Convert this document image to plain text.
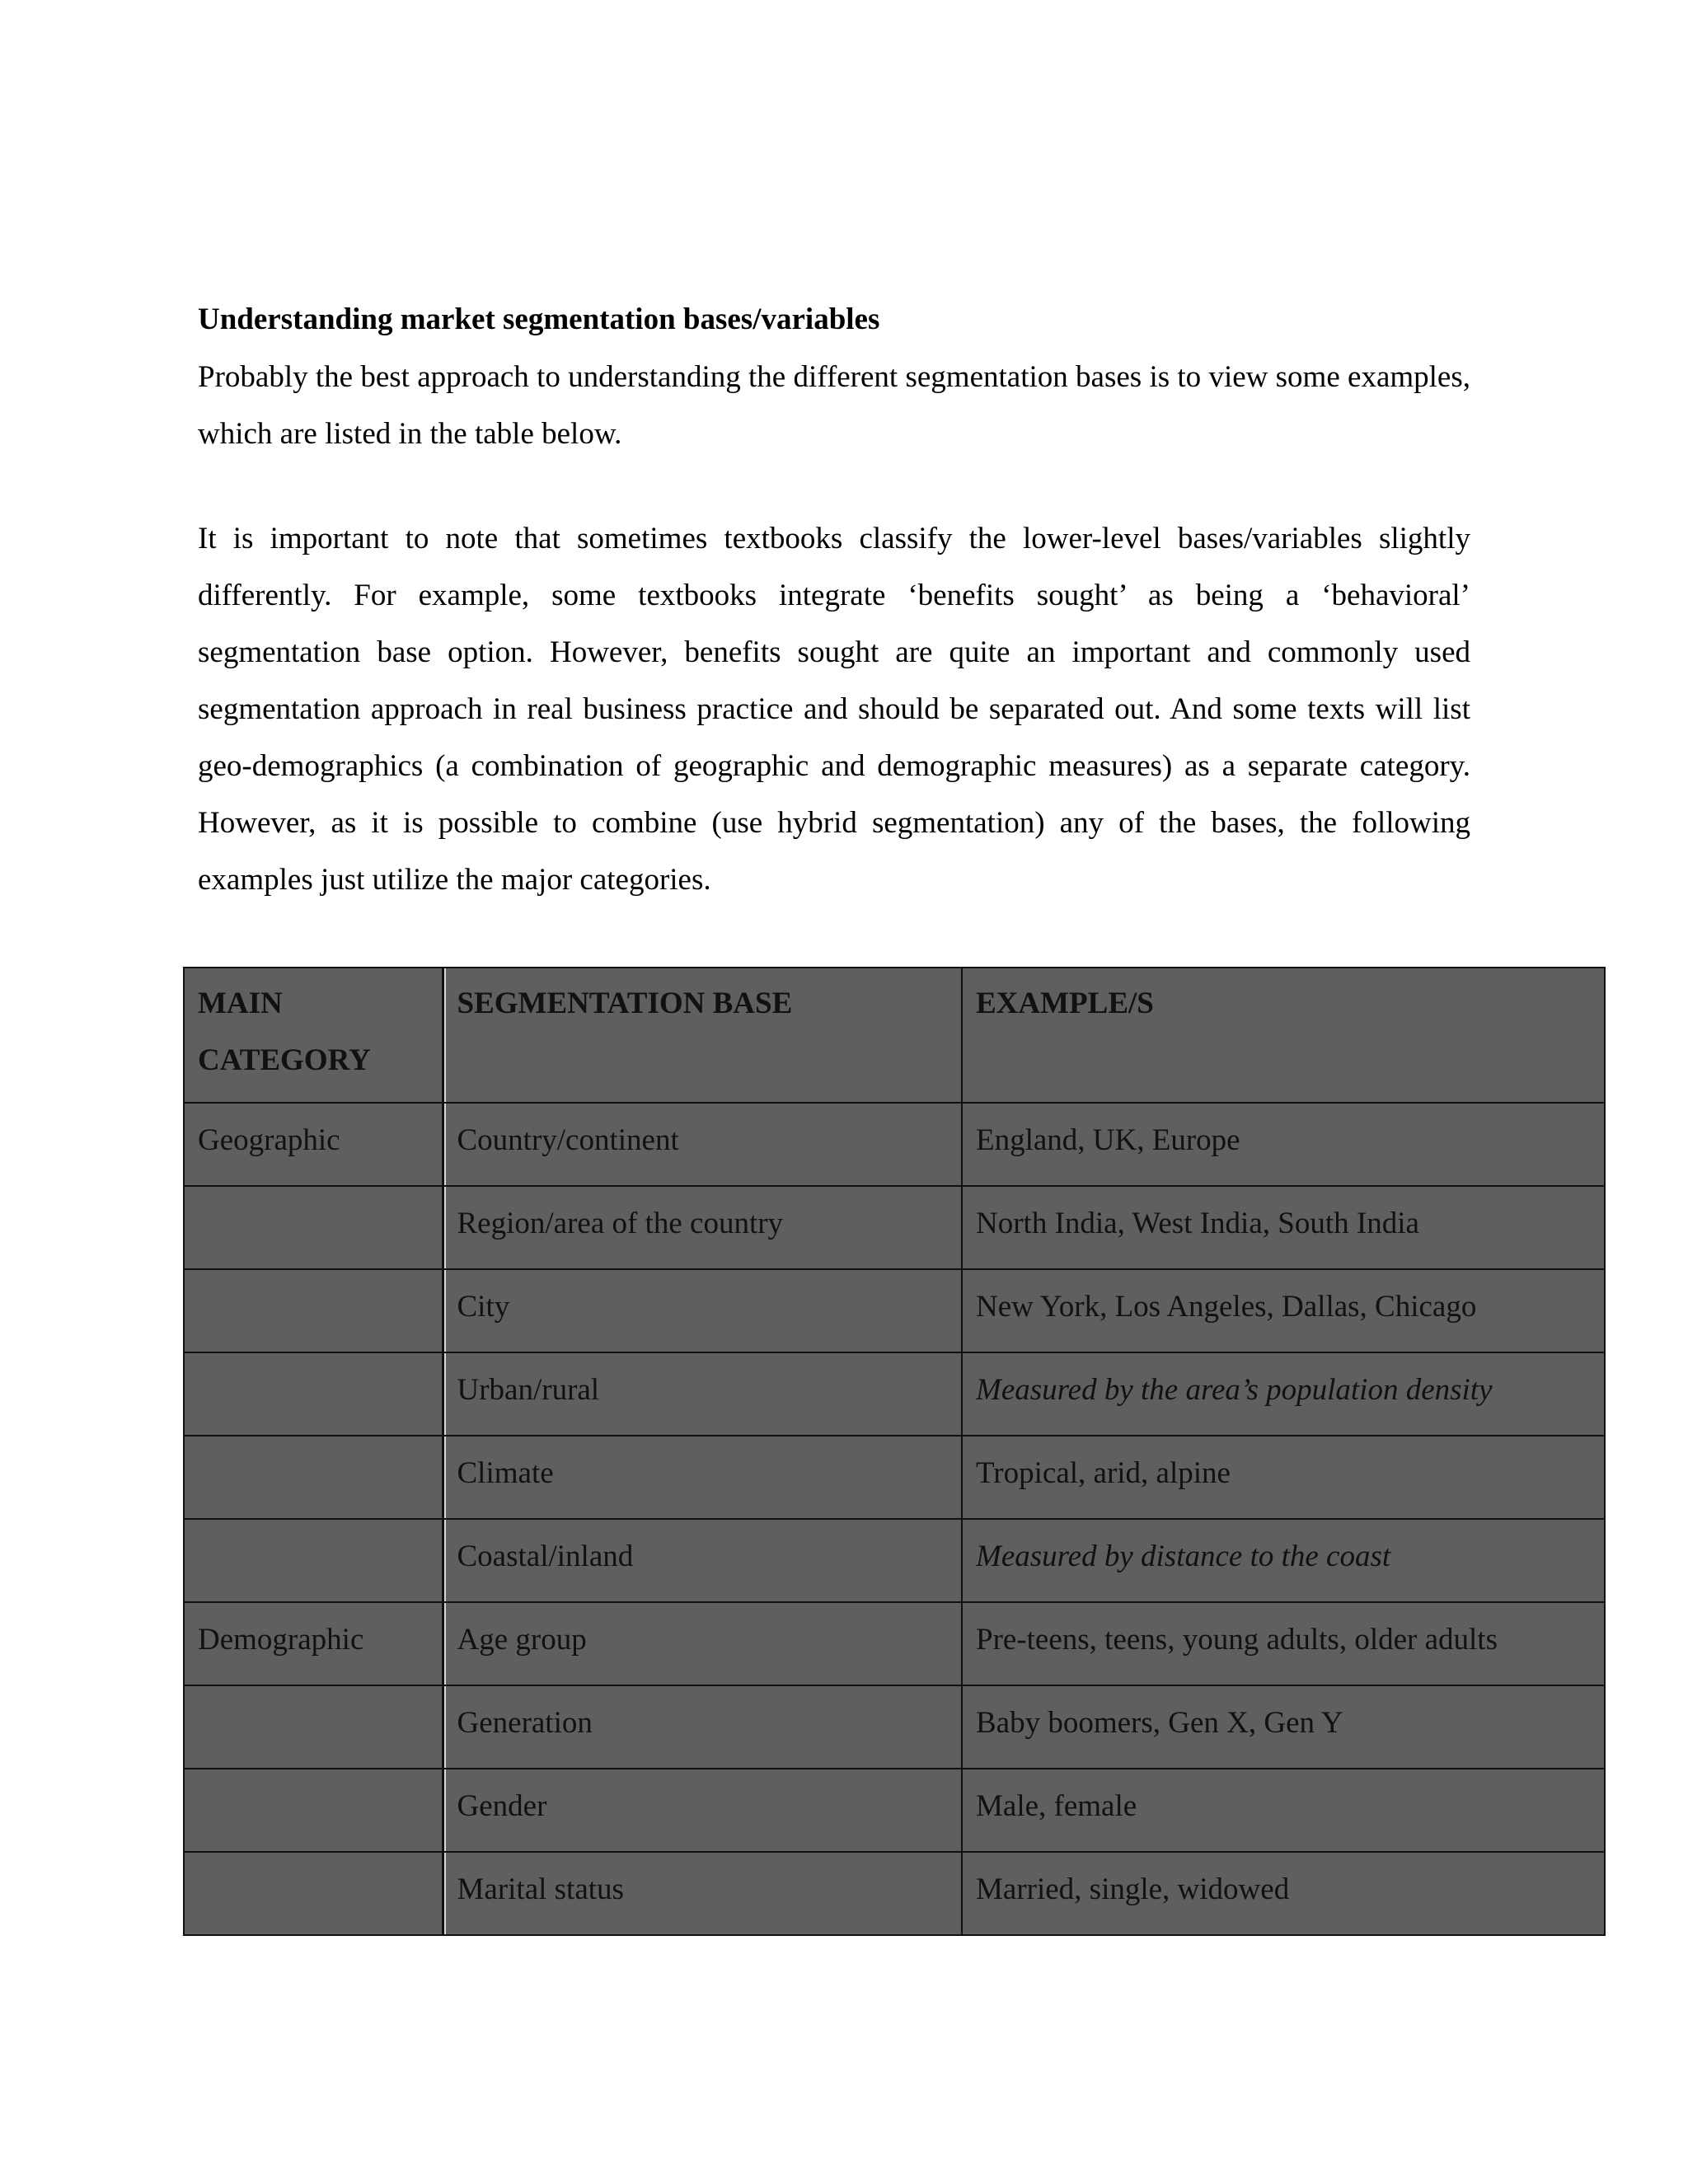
Understanding market segmentation bases/variables
Probably the best approach to understanding the different segmentation bases is to view some examples, which are listed in the table below.
It is important to note that sometimes textbooks classify the lower-level bases/variables slightly differently. For example, some textbooks integrate ‘benefits sought’ as being a ‘behavioral’ segmentation base option. However, benefits sought are quite an important and commonly used segmentation approach in real business practice and should be separated out. And some texts will list geo-demographics (a combination of geographic and demographic measures) as a separate category. However, as it is possible to combine (use hybrid segmentation) any of the bases, the following examples just utilize the major categories.
MAIN CATEGORY	SEGMENTATION BASE	EXAMPLE/S
Geographic	Country/continent	England, UK, Europe
	Region/area of the country	North India, West India, South India
	City	New York, Los Angeles, Dallas, Chicago
	Urban/rural	Measured by the area’s population density
	Climate	Tropical, arid, alpine
	Coastal/inland	Measured by distance to the coast
Demographic	Age group	Pre-teens, teens, young adults, older adults
	Generation	Baby boomers, Gen X, Gen Y
	Gender	Male, female
	Marital status	Married, single, widowed
